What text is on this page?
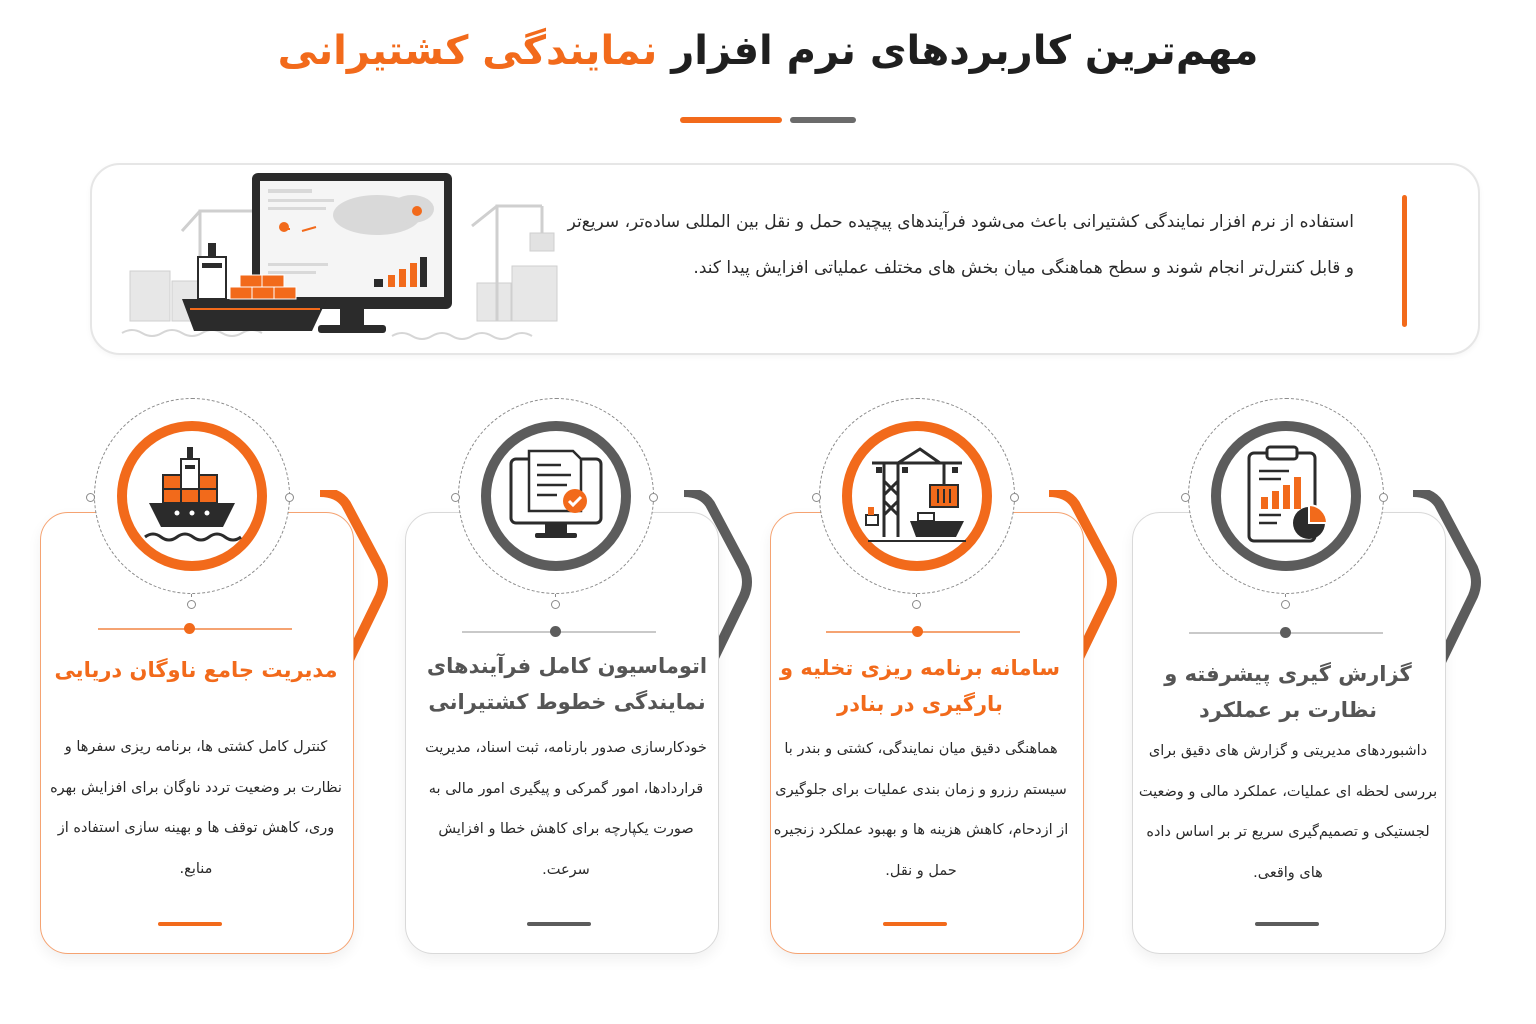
مهم‌ترین کاربردهای نرم افزار نمایندگی کشتیرانی

استفاده از نرم افزار نمایندگی کشتیرانی باعث می‌شود فرآیندهای پیچیده حمل و نقل بین المللی ساده‌تر، سریع‌تر و قابل کنترل‌تر انجام شوند و سطح هماهنگی میان بخش های مختلف عملیاتی افزایش پیدا کند.

مدیریت جامع ناوگان دریایی

کنترل کامل کشتی ها، برنامه ریزی سفرها و نظارت بر وضعیت تردد ناوگان برای افزایش بهره وری، کاهش توقف ها و بهینه سازی استفاده از منابع.

اتوماسیون کامل فرآیندهای نمایندگی خطوط کشتیرانی

خودکارسازی صدور بارنامه، ثبت اسناد، مدیریت قراردادها، امور گمرکی و پیگیری امور مالی به صورت یکپارچه برای کاهش خطا و افزایش سرعت.

سامانه برنامه ریزی تخلیه و بارگیری در بنادر

هماهنگی دقیق میان نمایندگی، کشتی و بندر با سیستم رزرو و زمان بندی عملیات برای جلوگیری از ازدحام، کاهش هزینه ها و بهبود عملکرد زنجیره حمل و نقل.

گزارش گیری پیشرفته و نظارت بر عملکرد

داشبوردهای مدیریتی و گزارش های دقیق برای بررسی لحظه ای عملیات، عملکرد مالی و وضعیت لجستیکی و تصمیم‌گیری سریع تر بر اساس داده های واقعی.
